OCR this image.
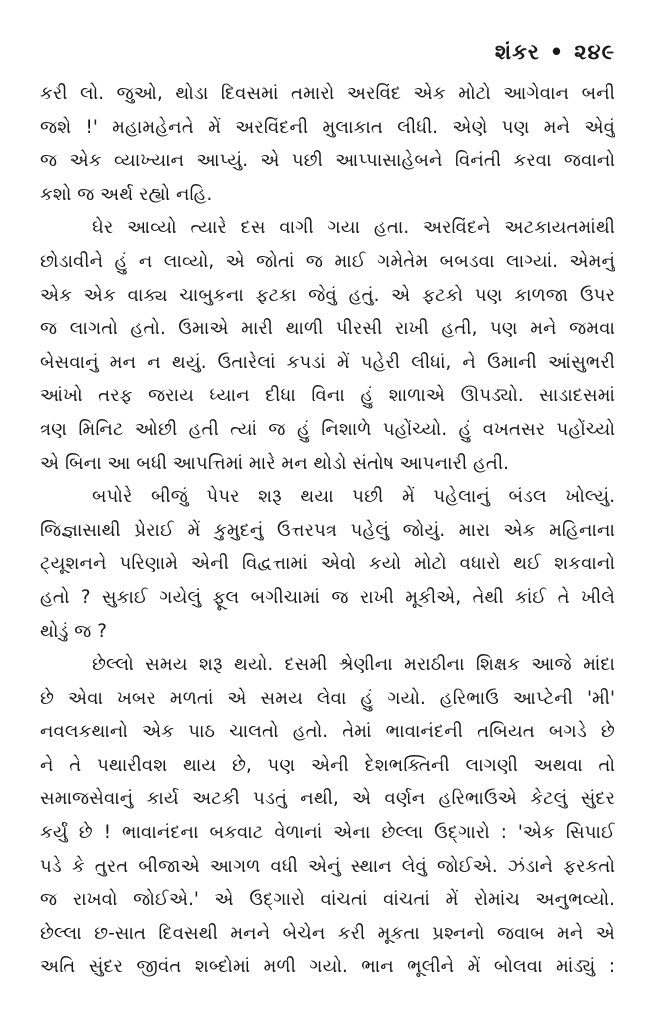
શંકર • ૨૪૯
કરી લો. જુઓ, થોડા દિવસમાં તમારો અરવિંદ એક મોટો આગેવાન બની
જશે !' મહામહેનતે મેં અરવિંદની મુલાકાત લીધી. એણે પણ મને એવું
જ એક વ્યાખ્યાન આપ્યું. એ પછી આપ્પાસાહેબને વિનંતી કરવા જવાનો
કશો જ અર્થ રહ્યો નહિ.
ઘેર આવ્યો ત્યારે દસ વાગી ગયા હતા. અરવિંદને અટકાયતમાંથી
છોડાવીને હું ન લાવ્યો, એ જોતાં જ માઈ ગમેતેમ બબડવા લાગ્યાં. એમનું
એક એક વાક્ય ચાબુકના ફટકા જેવું હતું. એ ફટકો પણ કાળજા ઉપર
જ લાગતો હતો. ઉમાએ મારી થાળી પીરસી રાખી હતી, પણ મને જમવા
બેસવાનું મન ન થયું. ઉતારેલાં કપડાં મેં પહેરી લીધાં, ને ઉમાની આંસુભરી
આંખો તરફ જરાય ધ્યાન દીધા વિના હું શાળાએ ઊપડ્યો. સાડાદસમાં
ત્રણ મિનિટ ઓછી હતી ત્યાં જ હું નિશાળે પહોંચ્યો. હું વખતસર પહોંચ્યો
એ બિના આ બધી આપત્તિમાં મારે મન થોડો સંતોષ આપનારી હતી.
બપોરે બીજું પેપર શરૂ થયા પછી મેં પહેલાનું બંડલ ખોલ્યું.
જિજ્ઞાસાથી પ્રેરાઈ મેં કુમુદનું ઉત્તરપત્ર પહેલું જોયું. મારા એક મહિનાના
ટ્યૂશનને પરિણામે એની વિદ્વત્તામાં એવો કયો મોટો વધારો થઈ શકવાનો
હતો ? સુકાઈ ગયેલું ફૂલ બગીચામાં જ રાખી મૂકીએ, તેથી કાંઈ તે ખીલે
થોડું જ ?
છેલ્લો સમય શરૂ થયો. દસમી શ્રેણીના મરાઠીના શિક્ષક આજે માંદા
છે એવા ખબર મળતાં એ સમય લેવા હું ગયો. હરિભાઉ આપ્ટેની 'મી'
નવલકથાનો એક પાઠ ચાલતો હતો. તેમાં ભાવાનંદની તબિયત બગડે છે
ને તે પથારીવશ થાય છે, પણ એની દેશભક્તિની લાગણી અથવા તો
સમાજસેવાનું કાર્ય અટકી પડતું નથી, એ વર્ણન હરિભાઉએ કેટલું સુંદર
કર્યું છે ! ભાવાનંદના બકવાટ વેળાનાં એના છેલ્લા ઉદ્ગારો : 'એક સિપાઈ
પડે કે તુરત બીજાએ આગળ વધી એનું સ્થાન લેવું જોઈએ. ઝંડાને ફરકતો
જ રાખવો જોઈએ.' એ ઉદ્ગારો વાંચતાં વાંચતાં મેં રોમાંચ અનુભવ્યો.
છેલ્લા છ-સાત દિવસથી મનને બેચેન કરી મૂકતા પ્રશ્નનો જવાબ મને એ
અતિ સુંદર જીવંત શબ્દોમાં મળી ગયો. ભાન ભૂલીને મેં બોલવા માંડ્યું :
